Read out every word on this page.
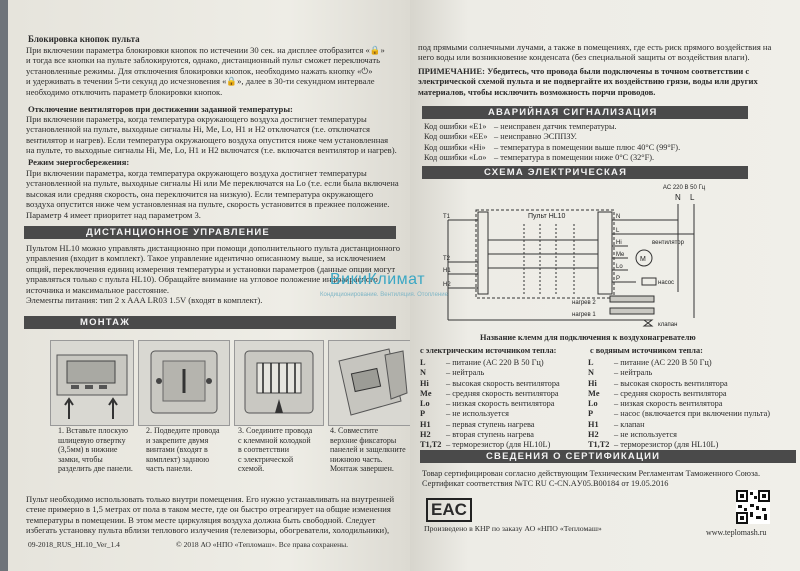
Блокировка кнопок пульта
При включении параметра блокировки кнопок по истечении 30 сек. на дисплее отобразится «🔒»
и тогда все кнопки на пульте заблокируются, однако, дистанционный пульт сможет переключать
установленные режимы. Для отключения блокировки кнопок, необходимо нажать кнопку «⏻»
и удерживать в течении 5-ти секунд до исчезновения «🔒», далее в 30-ти секундном интервале
необходимо отключить параметр блокировки кнопок.
Отключение вентиляторов при достижении заданной температуры:
При включении параметра, когда температура окружающего воздуха достигнет температуры
установленной на пульте, выходные сигналы Hi, Me, Lo, H1 и H2 отключатся (т.е. отключатся
вентилятор и нагрев). Если температура окружающего воздуха опустится ниже чем установленная
на пульте, то выходные сигналы Hi, Me, Lo, H1 и H2 включатся (т.е. включатся вентилятор и нагрев).
Режим энергосбережения:
При включении параметра, когда температура окружающего воздуха достигнет температуры
установленной на пульте, выходные сигналы Hi или Me переключатся на Lo (т.е. если была включена
высокая или средняя скорость, она переключится на низкую). Если температура окружающего
воздуха опустится ниже чем установленная на пульте, скорость установится в прежнее положение.
Параметр 4 имеет приоритет над параметром 3.
ДИСТАНЦИОННОЕ УПРАВЛЕНИЕ
Пультом HL10 можно управлять дистанционно при помощи дополнительного пульта дистанционного
управления (входит в комплект). Такое управление идентично описанному выше, за исключением
опций, переключения единиц измерения температуры и установки параметров (данные опции могут
управляться только с пульта HL10). Обращайте внимание на угловое положение инфракрасного
источника и максимальное расстояние.
Элементы питания: тип 2 x AAA LR03 1.5V (входят в комплект).
МОНТАЖ
1. Вставьте плоскую
шлицевую отвертку
(3,5мм) в нижние
замки, чтобы
разделить две панели.
2. Подведите провода
и закрепите двумя
винтами (входят в
комплект) заднюю
часть панели.
3. Соедините провода
с клеммной колодкой
в соответствии
с электрической
схемой.
4. Совместите
верхние фиксаторы
панелей и защелкните
нижнюю часть.
Монтаж завершен.
Пульт необходимо использовать только внутри помещения. Его нужно устанавливать на внутренней
стене примерно в 1,5 метрах от пола в таком месте, где он быстро отреагирует на общие изменения
температуры в помещении. В этом месте циркуляция воздуха должна быть свободной. Следует
избегать установку пульта вблизи теплового излучения (телевизоры, обогреватели, холодильники),
09-2018_RUS_HL10_Ver_1.4	© 2018 АО «НПО «Тепломаш». Все права сохранены.
под прямыми солнечными лучами, а также в помещениях, где есть риск прямого воздействия на
него воды или возникновение конденсата (без специальной защиты от воздействия влаги).
ПРИМЕЧАНИЕ: Убедитесь, что провода были подключены в точном соответствии с
электрической схемой пульта и не подвергайте их воздействию грязи, воды или других
материалов, чтобы исключить возможность порчи проводов.
АВАРИЙНАЯ СИГНАЛИЗАЦИЯ
Код ошибки «E1» – неисправен датчик температуры.
Код ошибки «EE» – неисправно ЭСППЗУ.
Код ошибки «Hi»	– температура в помещении выше плюс 40°C (99°F).
Код ошибки «Lo» – температура в помещении ниже 0°C (32°F).
СХЕМА ЭЛЕКТРИЧЕСКАЯ
AC 220 В 50 Гц
N L
Пульт HL10
T1
T2
H1
H2
N
L
Hi
Me
Lo
P
M
вентилятор
насос
нагрев 2
нагрев 1
клапан
Название клемм для подключения к воздухонагревателю
с электрическим источником тепла:	с водяным источником тепла:
L	– питание (АС 220 В 50 Гц)
N	– нейтраль
Hi	– высокая скорость вентилятора
Me	– средняя скорость вентилятора
Lo	– низкая скорость вентилятора
P	– не используется
H1	– первая ступень нагрева
H2	– вторая ступень нагрева
T1,T2 – терморезистор (для HL10L)
L	– питание (АС 220 В 50 Гц)
N	– нейтраль
Hi	– высокая скорость вентилятора
Me	– средняя скорость вентилятора
Lo	– низкая скорость вентилятора
P	– насос (включается при включении пульта)
H1	– клапан
H2	– не используется
T1,T2 – терморезистор (для HL10L)
СВЕДЕНИЯ О СЕРТИФИКАЦИИ
Товар сертифицирован согласно действующим Техническим Регламентам Таможенного Союза.
Сертификат соответствия №ТС RU C-CN.AУ05.В00184 от 19.05.2016
EAC
Произведено в КНР по заказу АО «НПО «Тепломаш»	www.teplomash.ru
ВикиКлимат
Кондиционирование. Вентиляция. Отопление
